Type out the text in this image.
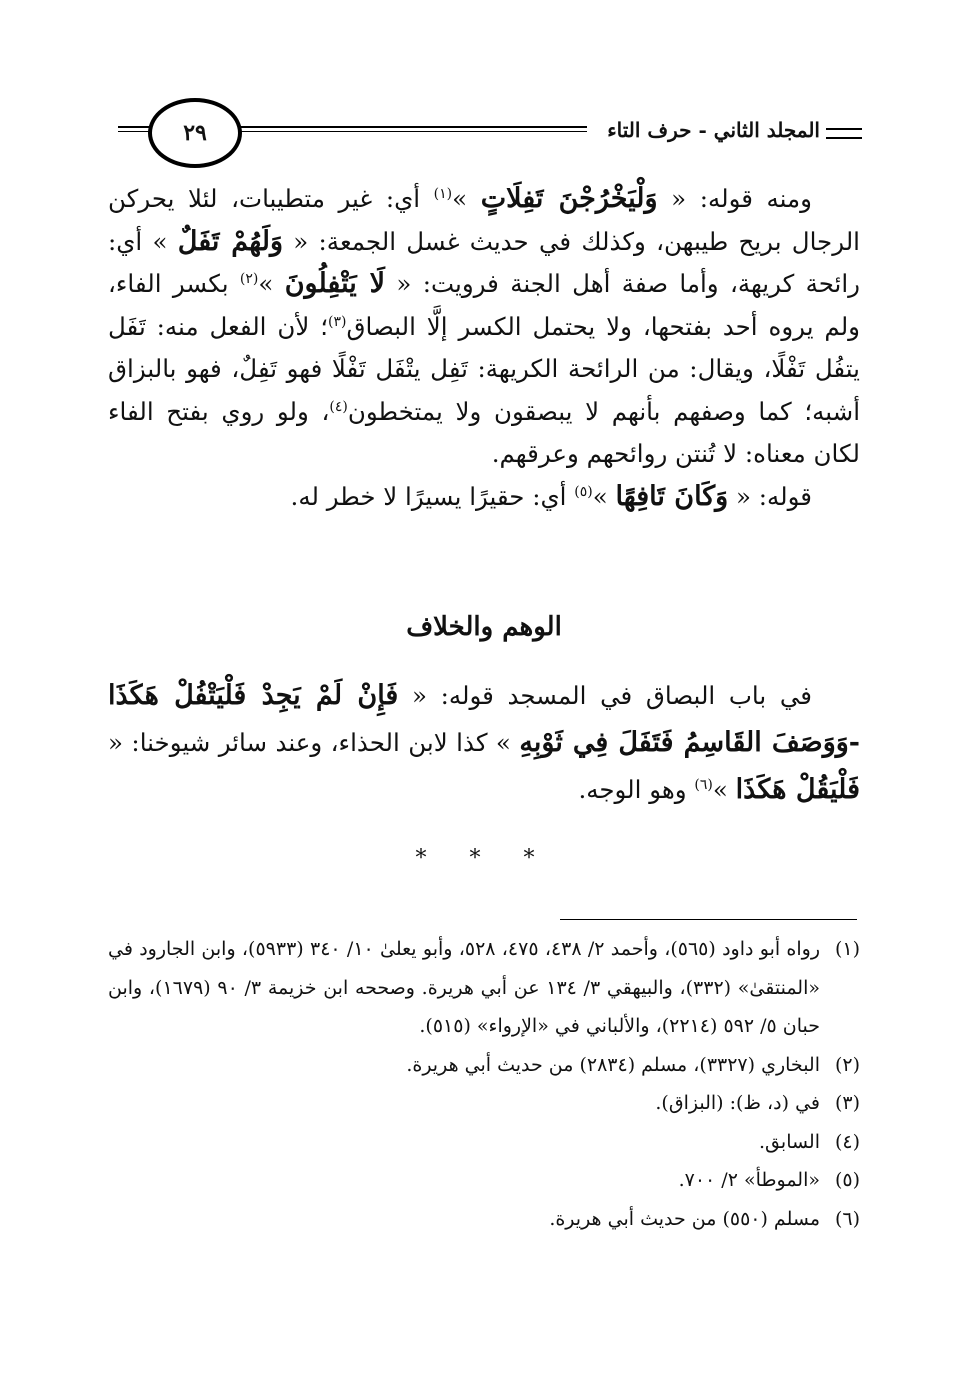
المجلد الثاني - حرف التاء
٢٩

ومنه قوله: « وَلْيَخْرُجْنَ تَفِلَاتٍ »$^{(١)}$ أي: غير متطيبات، لئلا يحركن الرجال بريح طيبهن، وكذلك في حديث غسل الجمعة: « وَلَهُمْ تَفَلٌ » أي: رائحة كريهة، وأما صفة أهل الجنة فرويت: « لَا يَتْفِلُونَ »$^{(٢)}$ بكسر الفاء، ولم يروه أحد بفتحها، ولا يحتمل الكسر إلَّا البصاق$^{(٣)}$؛ لأن الفعل منه: تَفَل يتفُل تَفْلًا، ويقال: من الرائحة الكريهة: تَفِل يتْفَل تَفْلًا فهو تَفِلٌ، فهو بالبزاق أشبه؛ كما وصفهم بأنهم لا يبصقون ولا يمتخطون$^{(٤)}$، ولو روي بفتح الفاء لكان معناه: لا تُنتن روائحهم وعرقهم.

قوله: « وَكَانَ تَافِهًا »$^{(٥)}$ أي: حقيرًا يسيرًا لا خطر له.

الوهم والخلاف

في باب البصاق في المسجد قوله: « فَإِنْ لَمْ يَجِدْ فَلْيَتْفُلْ هَكَذَا -وَوَصَفَ القَاسِمُ فَتَفَلَ فِي ثَوْبِهِ » كذا لابن الحذاء، وعند سائر شيوخنا: « فَلْيَقُلْ هَكَذَا »$^{(٦)}$ وهو الوجه.

* * *
(١)
رواه أبو داود (٥٦٥)، وأحمد ٢/ ٤٣٨، ٤٧٥، ٥٢٨، وأبو يعلىٰ ١٠/ ٣٤٠ (٥٩٣٣)، وابن الجارود في «المنتقىٰ» (٣٣٢)، والبيهقي ٣/ ١٣٤ عن أبي هريرة. وصححه ابن خزيمة ٣/ ٩٠ (١٦٧٩)، وابن حبان ٥/ ٥٩٢ (٢٢١٤)، والألباني في «الإرواء» (٥١٥).
(٢)
البخاري (٣٣٢٧)، مسلم (٢٨٣٤) من حديث أبي هريرة.
(٣)
في (د، ظ): (البزاق).
(٤)
السابق.
(٥)
«الموطأ» ٢/ ٧٠٠.
(٦)
مسلم (٥٥٠) من حديث أبي هريرة.
